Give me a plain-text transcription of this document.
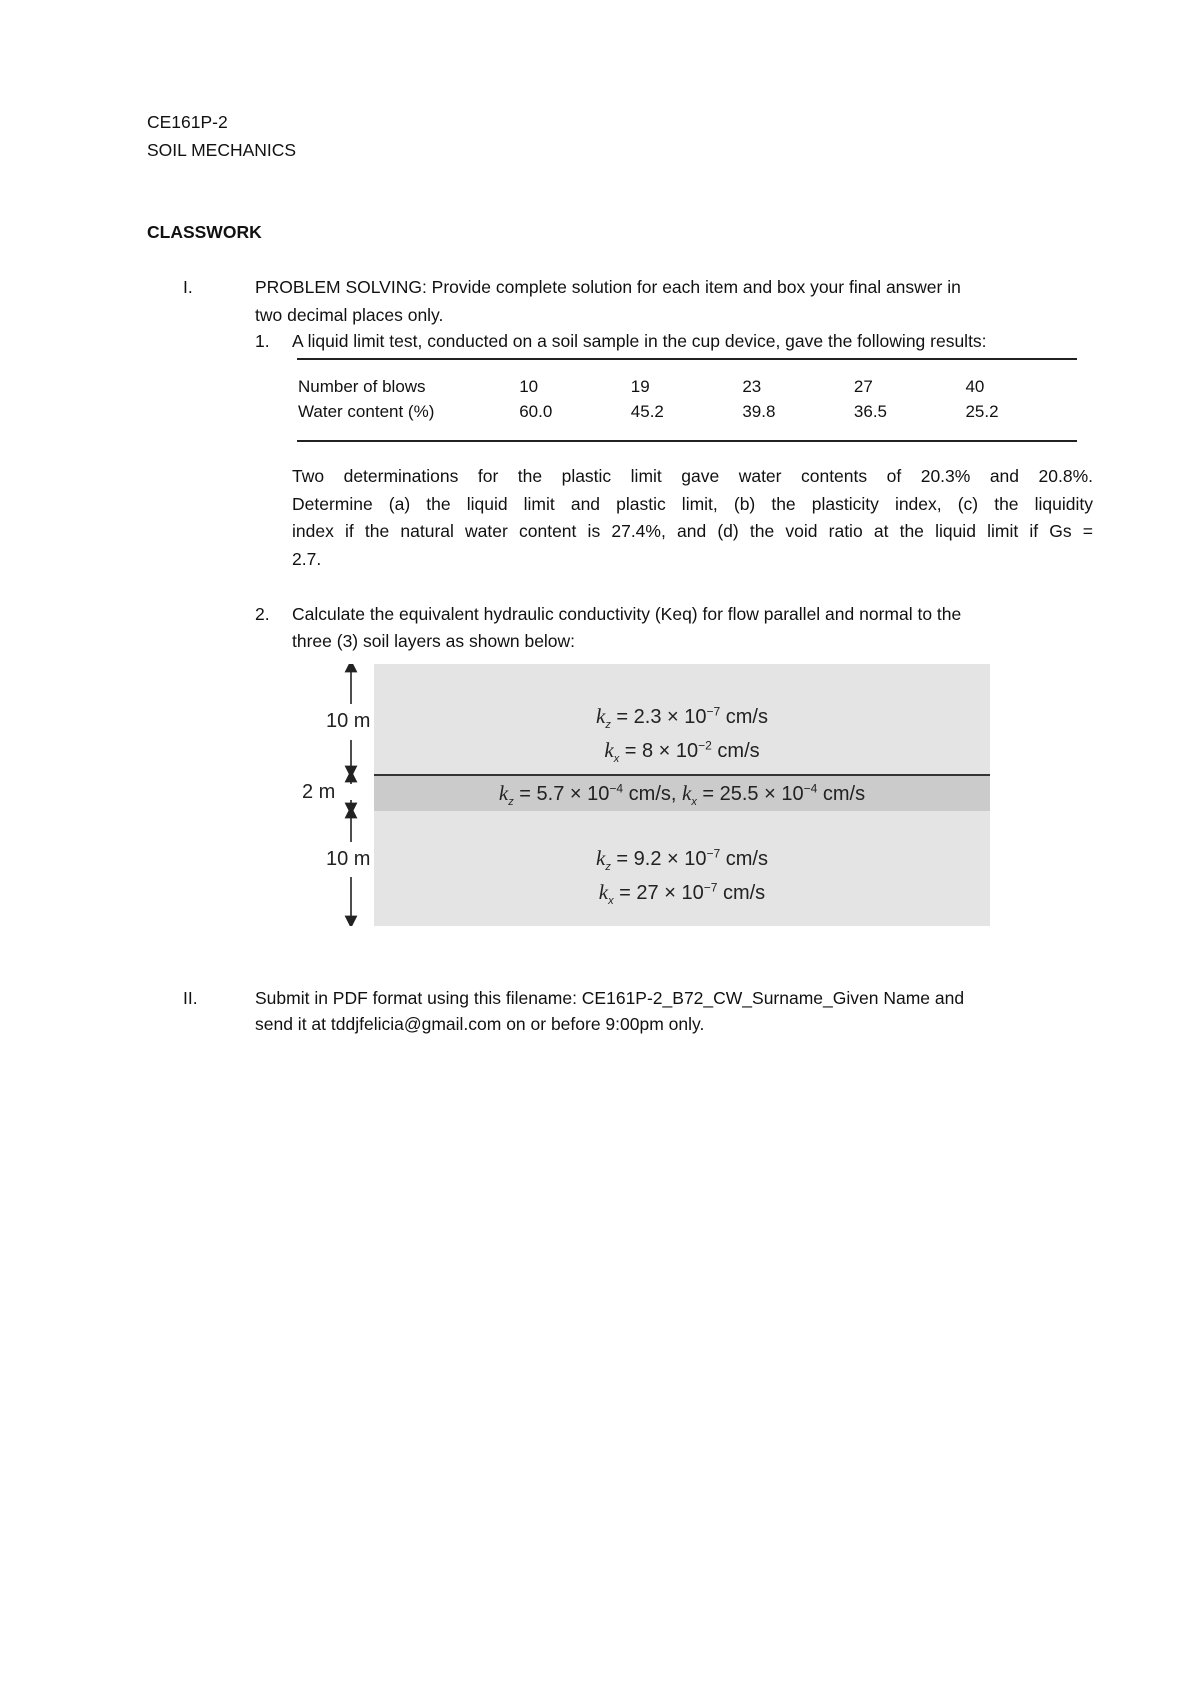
CE161P-2
SOIL MECHANICS
CLASSWORK
I.	PROBLEM SOLVING: Provide complete solution for each item and box your final answer in
two decimal places only.
1. A liquid limit test, conducted on a soil sample in the cup device, gave the following results:
Number of blows	10	19	23	27	40
Water content (%)	60.0	45.2	39.8	36.5	25.2
Two determinations for the plastic limit gave water contents of 20.3% and 20.8%.
Determine (a) the liquid limit and plastic limit, (b) the plasticity index, (c) the liquidity
index if the natural water content is 27.4%, and (d) the void ratio at the liquid limit if Gs =
2.7.
2. Calculate the equivalent hydraulic conductivity (Keq) for flow parallel and normal to the
three (3) soil layers as shown below:
$k_z = 2.3 \times 10^{-7}$ cm/s
$k_x = 8 \times 10^{-2}$ cm/s
$k_z = 5.7 \times 10^{-4}$ cm/s, $k_x = 25.5 \times 10^{-4}$ cm/s
$k_z = 9.2 \times 10^{-7}$ cm/s
$k_x = 27 \times 10^{-7}$ cm/s
10 m
2 m
10 m
II.	Submit in PDF format using this filename: CE161P-2_B72_CW_Surname_Given Name and
send it at tddjfelicia@gmail.com on or before 9:00pm only.
